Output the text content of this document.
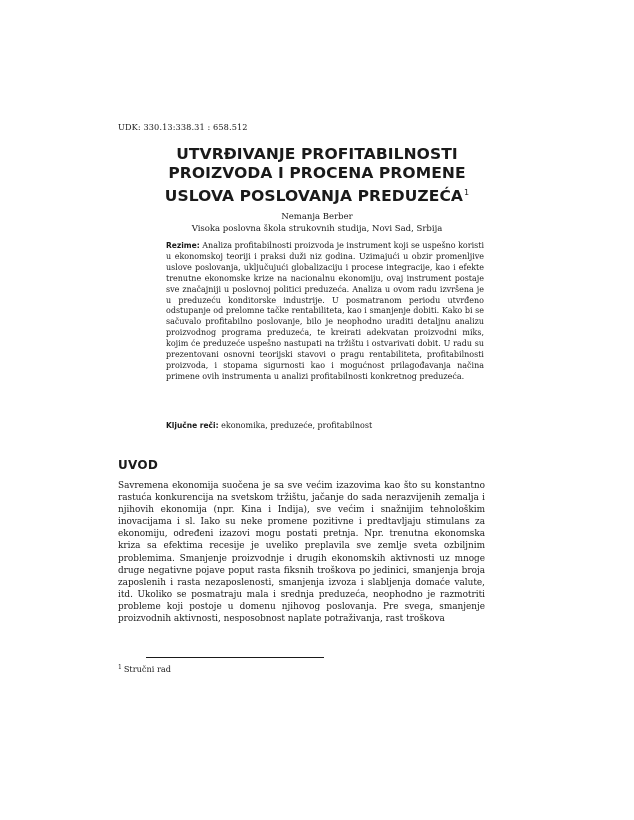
UDK: 330.13:338.31 : 658.512
UTVRĐIVANJE PROFITABILNOSTI
PROIZVODA I PROCENA PROMENE
USLOVA POSLOVANJA PREDUZEĆA$^1$
Nemanja Berber
Visoka poslovna škola strukovnih studija, Novi Sad, Srbija
Rezime: Analiza profitabilnosti proizvoda je instrument koji se uspešno koristi u ekonomskoj teoriji i praksi duži niz godina. Uzimajući u obzir promenljive uslove poslovanja, uključujući globalizaciju i procese integracije, kao i efekte trenutne ekonomske krize na nacionalnu ekonomiju, ovaj instrument postaje sve značajniji u poslovnoj politici preduzeća. Analiza u ovom radu izvršena je u preduzeću konditorske industrije. U posmatranom periodu utvrđeno odstupanje od prelomne tačke rentabiliteta, kao i smanjenje dobiti. Kako bi se sačuvalo profitabilno poslovanje, bilo je neophodno uraditi detaljnu analizu proizvodnog programa preduzeća, te kreirati adekvatan proizvodni miks, kojim će preduzeće uspešno nastupati na tržištu i ostvarivati dobit. U radu su prezentovani osnovni teorijski stavovi o pragu rentabiliteta, profitabilnosti proizvoda, i stopama sigurnosti kao i mogućnost prilagođavanja načina primene ovih instrumenta u analizi profitabilnosti konkretnog preduzeća.
Ključne reči: ekonomika, preduzeće, profitabilnost
UVOD
Savremena ekonomija suočena je sa sve većim izazovima kao što su konstantno rastuća konkurencija na svetskom tržištu, jačanje do sada nerazvijenih zemalja i njihovih ekonomija (npr. Kina i Indija), sve većim i snažnijim tehnološkim inovacijama i sl. Iako su neke promene pozitivne i predtavljaju stimulans za ekonomiju, određeni izazovi mogu postati pretnja. Npr. trenutna ekonomska kriza sa efektima recesije je uveliko preplavila sve zemlje sveta ozbiljnim problemima. Smanjenje proizvodnje i drugih ekonomskih aktivnosti uz mnoge druge negativne pojave poput rasta fiksnih troškova po jedinici, smanjenja broja zaposlenih i rasta nezaposlenosti, smanjenja izvoza i slabljenja domaće valute, itd. Ukoliko se posmatraju mala i srednja preduzeća, neophodno je razmotriti probleme koji postoje u domenu njihovog poslovanja. Pre svega, smanjenje proizvodnih aktivnosti, nesposobnost naplate potraživanja, rast troškova
$^1$ Stručni rad
